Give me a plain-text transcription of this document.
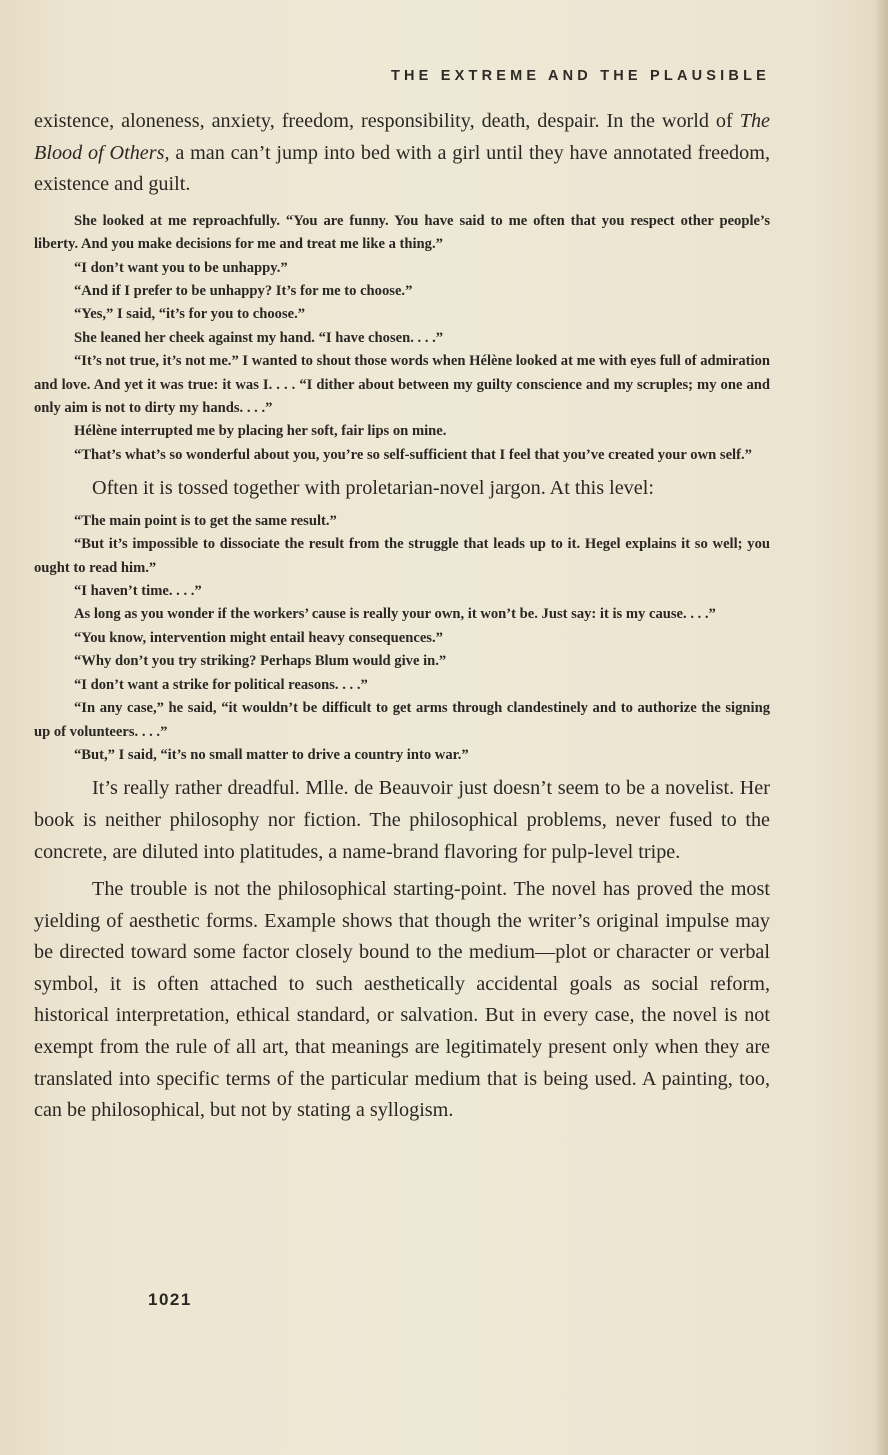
THE EXTREME AND THE PLAUSIBLE

existence, aloneness, anxiety, freedom, responsibility, death, despair. In the world of The Blood of Others, a man can’t jump into bed with a girl until they have annotated freedom, existence and guilt.

She looked at me reproachfully. “You are funny. You have said to me often that you respect other people’s liberty. And you make decisions for me and treat me like a thing.”

“I don’t want you to be unhappy.”

“And if I prefer to be unhappy? It’s for me to choose.”

“Yes,” I said, “it’s for you to choose.”

She leaned her cheek against my hand. “I have chosen. . . .”

“It’s not true, it’s not me.” I wanted to shout those words when Hélène looked at me with eyes full of admiration and love. And yet it was true: it was I. . . . “I dither about between my guilty conscience and my scruples; my one and only aim is not to dirty my hands. . . .”

Hélène interrupted me by placing her soft, fair lips on mine.

“That’s what’s so wonderful about you, you’re so self-sufficient that I feel that you’ve created your own self.”

Often it is tossed together with proletarian-novel jargon. At this level:

“The main point is to get the same result.”

“But it’s impossible to dissociate the result from the struggle that leads up to it. Hegel explains it so well; you ought to read him.”

“I haven’t time. . . .”

As long as you wonder if the workers’ cause is really your own, it won’t be. Just say: it is my cause. . . .”

“You know, intervention might entail heavy consequences.”

“Why don’t you try striking? Perhaps Blum would give in.”

“I don’t want a strike for political reasons. . . .”

“In any case,” he said, “it wouldn’t be difficult to get arms through clandestinely and to authorize the signing up of volunteers. . . .”

“But,” I said, “it’s no small matter to drive a country into war.”

It’s really rather dreadful. Mlle. de Beauvoir just doesn’t seem to be a novelist. Her book is neither philosophy nor fiction. The philosophical problems, never fused to the concrete, are diluted into platitudes, a name-brand flavoring for pulp-level tripe.

The trouble is not the philosophical starting-point. The novel has proved the most yielding of aesthetic forms. Example shows that though the writer’s original impulse may be directed toward some factor closely bound to the medium—plot or character or verbal symbol, it is often attached to such aesthetically accidental goals as social reform, historical interpretation, ethical standard, or salvation. But in every case, the novel is not exempt from the rule of all art, that meanings are legitimately present only when they are translated into specific terms of the particular medium that is being used. A painting, too, can be philosophical, but not by stating a syllogism.

1021
